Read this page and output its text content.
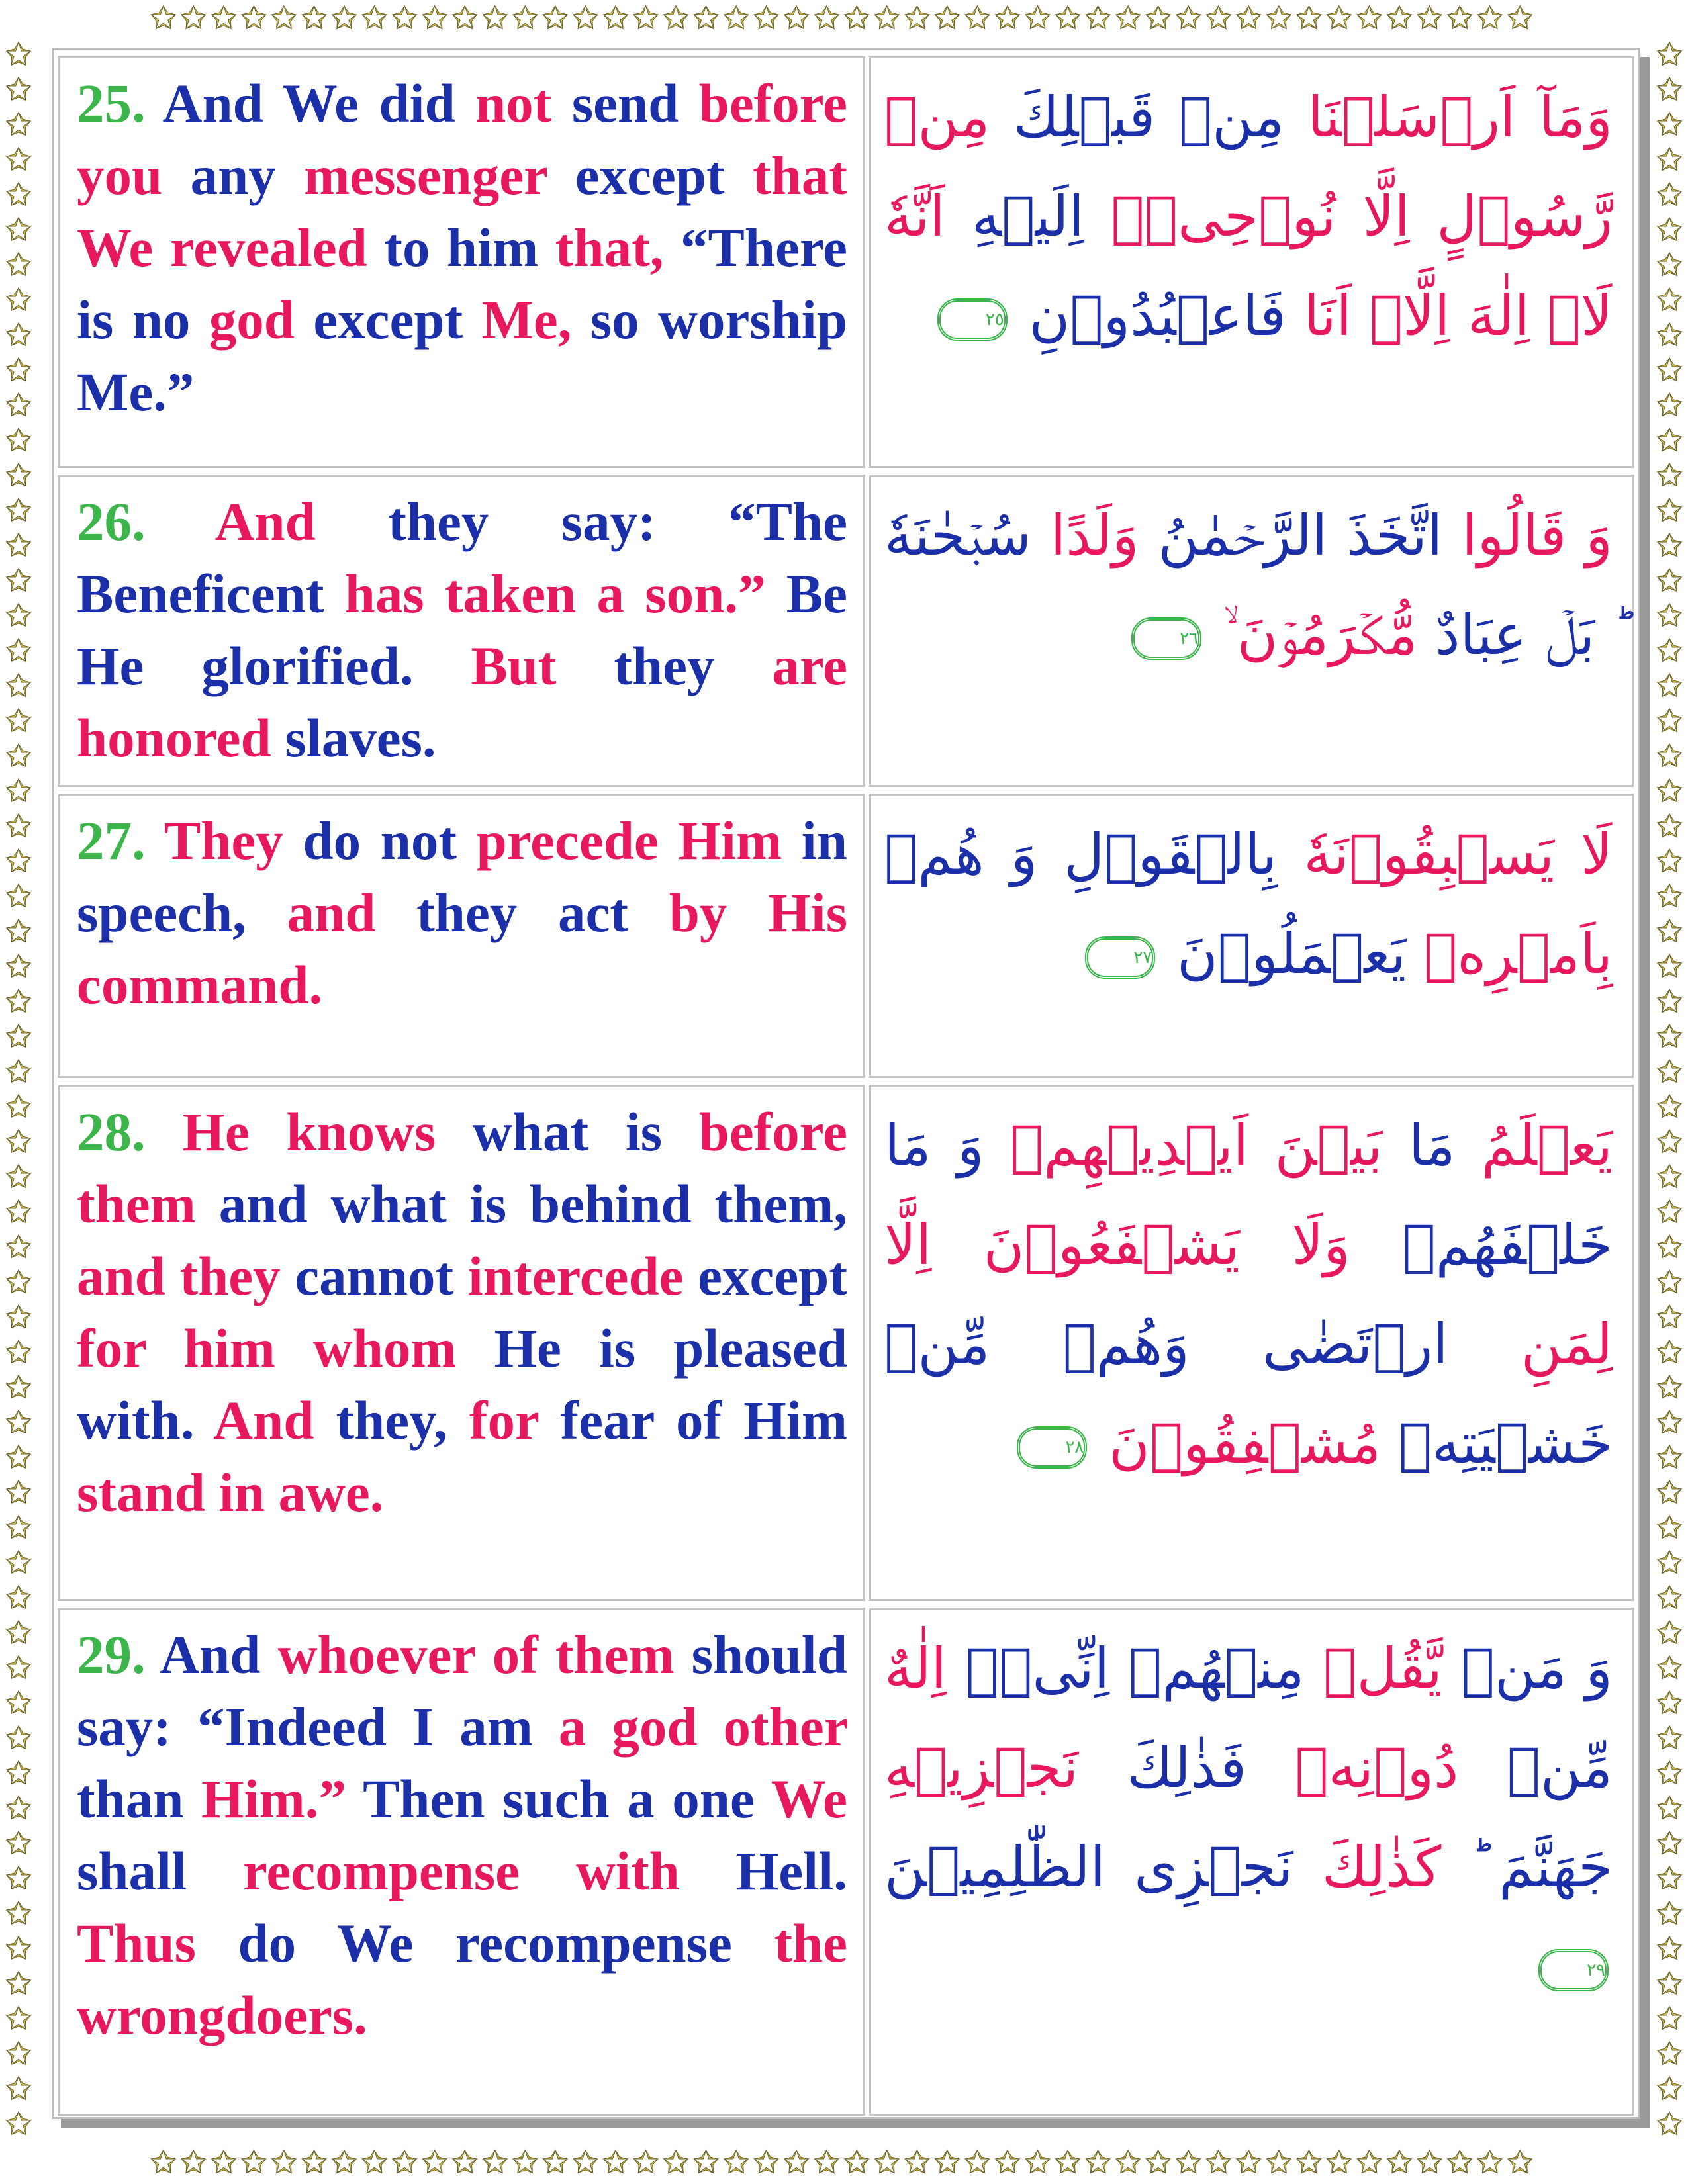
✩✩✩✩✩✩✩✩✩✩✩✩✩✩✩✩✩✩✩✩✩✩✩✩✩✩✩✩✩✩✩✩✩✩✩✩✩✩✩✩✩✩✩✩✩✩
✩✩✩✩✩✩✩✩✩✩✩✩✩✩✩✩✩✩✩✩✩✩✩✩✩✩✩✩✩✩✩✩✩✩✩✩✩✩✩✩✩✩✩✩✩✩
✩✩✩✩✩✩✩✩✩✩✩✩✩✩✩✩✩✩✩✩✩✩✩✩✩✩✩✩✩✩✩✩✩✩✩✩✩✩✩✩✩✩✩✩✩✩✩✩✩✩✩✩✩✩✩✩✩✩✩✩
✩✩✩✩✩✩✩✩✩✩✩✩✩✩✩✩✩✩✩✩✩✩✩✩✩✩✩✩✩✩✩✩✩✩✩✩✩✩✩✩✩✩✩✩✩✩✩✩✩✩✩✩✩✩✩✩✩✩✩✩

25. And We did not send before you any messenger except that We revealed to him that, “There is no god except Me, so worship Me.”

وَمَآ اَرۡسَلۡنَا مِنۡ قَبۡلِكَ مِنۡ رَّسُوۡلٍ اِلَّا نُوۡحِىۡۤ اِلَيۡهِ اَنَّهٗ لَاۤ اِلٰهَ اِلَّاۤ اَنَا فَاعۡبُدُوۡنِ ٢٥

26. And they say: “The Beneficent has taken a son.” Be He glorified. But they are honored slaves.

وَ قَالُوا اتَّخَذَ الرَّحۡمٰنُ وَلَدًا سُبۡحٰنَهٗ ؕ بَلۡ عِبَادٌ مُّكۡرَمُوۡنَ ۙ ٢٦

27. They do not precede Him in speech, and they act by His command.

لَا يَسۡبِقُوۡنَهٗ بِالۡقَوۡلِ وَ هُمۡ بِاَمۡرِهٖ يَعۡمَلُوۡنَ ٢٧

28. He knows what is before them and what is behind them, and they cannot intercede except for him whom He is pleased with. And they, for fear of Him stand in awe.

يَعۡلَمُ مَا بَيۡنَ اَيۡدِيۡهِمۡ وَ مَا خَلۡفَهُمۡ وَلَا يَشۡفَعُوۡنَ اِلَّا لِمَنِ ارۡتَضٰى وَهُمۡ مِّنۡ خَشۡيَتِهٖ مُشۡفِقُوۡنَ ٢٨

29. And whoever of them should say: “Indeed I am a god other than Him.” Then such a one We shall recompense with Hell. Thus do We recompense the wrongdoers.

وَ مَنۡ يَّقُلۡ مِنۡهُمۡ اِنِّىۡۤ اِلٰهٌ مِّنۡ دُوۡنِهٖ فَذٰلِكَ نَجۡزِيۡهِ جَهَنَّمَ ؕ كَذٰلِكَ نَجۡزِى الظّٰلِمِيۡنَ ٢٩
